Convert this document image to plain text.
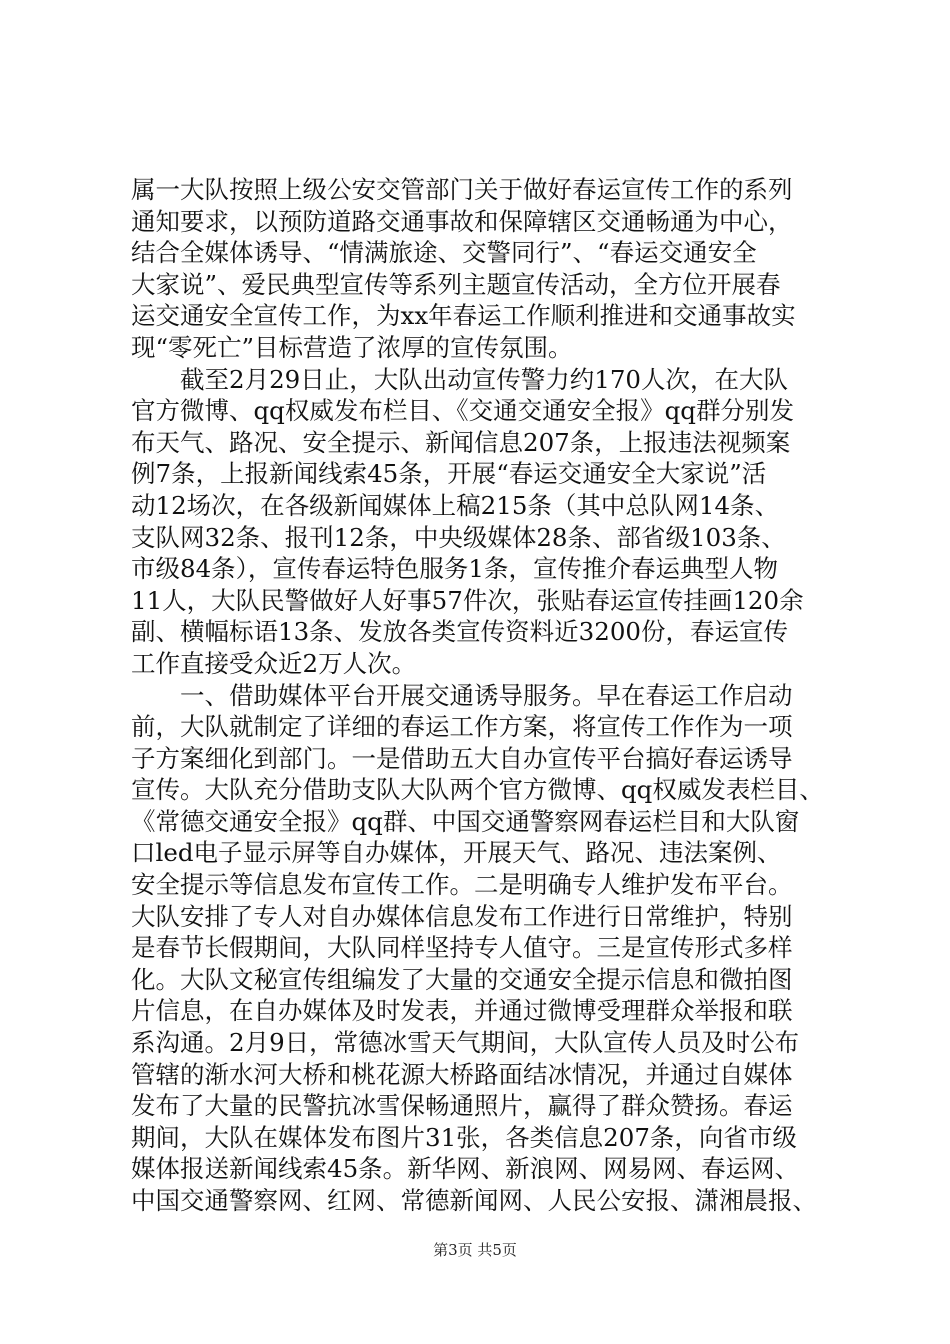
属一大队按照上级公安交管部门关于做好春运宣传工作的系列
通知要求，以预防道路交通事故和保障辖区交通畅通为中心，
结合全媒体诱导、“情满旅途、交警同行”、“春运交通安全
大家说”、爱民典型宣传等系列主题宣传活动，全方位开展春
运交通安全宣传工作，为xx年春运工作顺利推进和交通事故实
现“零死亡”目标营造了浓厚的宣传氛围。
　　截至2月29日止，大队出动宣传警力约170人次，在大队
官方微博、qq权威发布栏目、《交通交通安全报》qq群分别发
布天气、路况、安全提示、新闻信息207条，上报违法视频案
例7条，上报新闻线索45条，开展“春运交通安全大家说”活
动12场次，在各级新闻媒体上稿215条（其中总队网14条、
支队网32条、报刊12条，中央级媒体28条、部省级103条、
市级84条），宣传春运特色服务1条，宣传推介春运典型人物
11人，大队民警做好人好事57件次，张贴春运宣传挂画120余
副、横幅标语13条、发放各类宣传资料近3200份，春运宣传
工作直接受众近2万人次。
　　一、借助媒体平台开展交通诱导服务。早在春运工作启动
前，大队就制定了详细的春运工作方案，将宣传工作作为一项
子方案细化到部门。一是借助五大自办宣传平台搞好春运诱导
宣传。大队充分借助支队大队两个官方微博、qq权威发表栏目、
《常德交通安全报》qq群、中国交通警察网春运栏目和大队窗
口led电子显示屏等自办媒体，开展天气、路况、违法案例、
安全提示等信息发布宣传工作。二是明确专人维护发布平台。
大队安排了专人对自办媒体信息发布工作进行日常维护，特别
是春节长假期间，大队同样坚持专人值守。三是宣传形式多样
化。大队文秘宣传组编发了大量的交通安全提示信息和微拍图
片信息，在自办媒体及时发表，并通过微博受理群众举报和联
系沟通。2月9日，常德冰雪天气期间，大队宣传人员及时公布
管辖的渐水河大桥和桃花源大桥路面结冰情况，并通过自媒体
发布了大量的民警抗冰雪保畅通照片，赢得了群众赞扬。春运
期间，大队在媒体发布图片31张，各类信息207条，向省市级
媒体报送新闻线索45条。新华网、新浪网、网易网、春运网、
中国交通警察网、红网、常德新闻网、人民公安报、潇湘晨报、
第3页 共5页
